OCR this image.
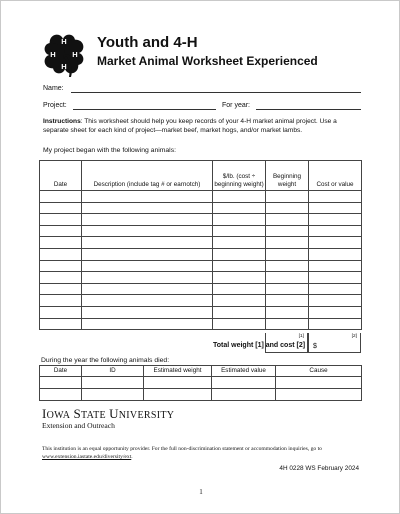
H
H
H
H
Youth and 4-H
Market Animal Worksheet Experienced
Name:
Project:	For year:
Instructions: This worksheet should help you keep records of your 4-H market animal project. Use a separate sheet for each kind of project—market beef, market hogs, and/or market lambs.
My project began with the following animals:
Date	Description (include tag # or earnotch)	$/lb. (cost ÷ beginning weight)	Beginning weight	Cost or value

Total weight [1] and cost [2]
[1]	[2]
$
During the year the following animals died:
Date	ID	Estimated weight	Estimated value	Cause

IOWA STATE UNIVERSITY
Extension and Outreach
This institution is an equal opportunity provider. For the full non-discrimination statement or accommodation inquiries, go to www.extension.iastate.edu/diversity/ext.
4H 0228 WS February 2024
1
